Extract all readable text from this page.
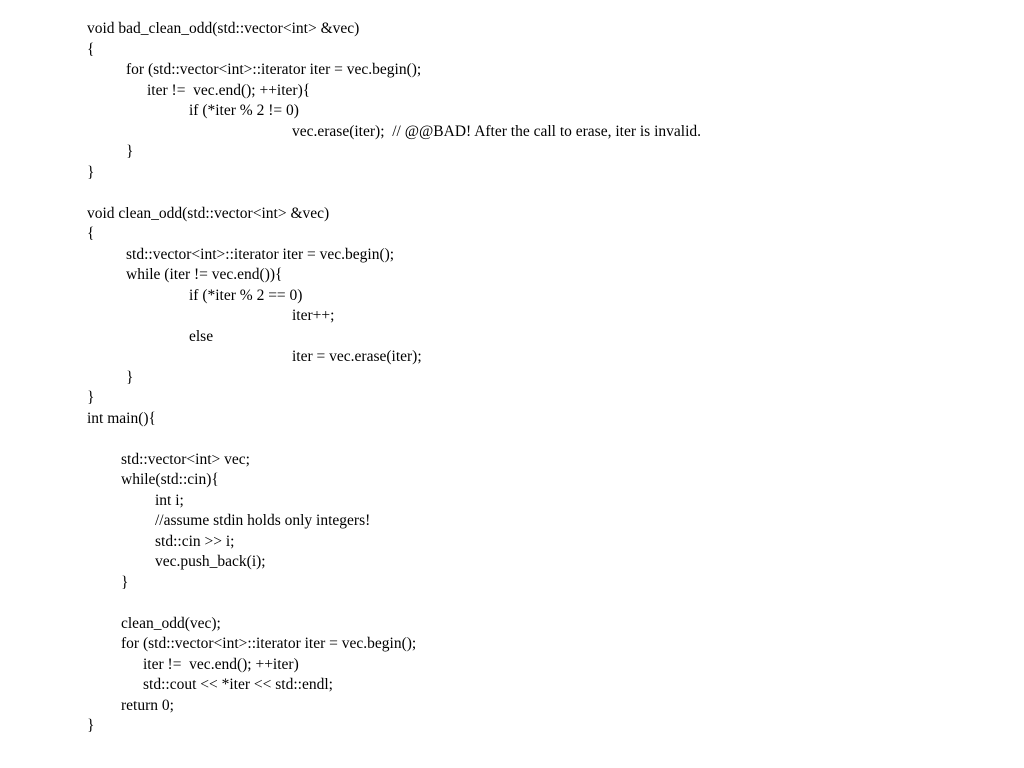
void bad_clean_odd(std::vector<int> &vec)
{
for (std::vector<int>::iterator iter = vec.begin();
iter !=  vec.end(); ++iter){
if (*iter % 2 != 0)
vec.erase(iter);  // @@BAD! After the call to erase, iter is invalid.
}
}
void clean_odd(std::vector<int> &vec)
{
std::vector<int>::iterator iter = vec.begin();
while (iter != vec.end()){
if (*iter % 2 == 0)
iter++;
else
iter = vec.erase(iter);
}
}
int main(){
std::vector<int> vec;
while(std::cin){
int i;
//assume stdin holds only integers!
std::cin >> i;
vec.push_back(i);
}
clean_odd(vec);
for (std::vector<int>::iterator iter = vec.begin();
iter !=  vec.end(); ++iter)
std::cout << *iter << std::endl;
return 0;
}
